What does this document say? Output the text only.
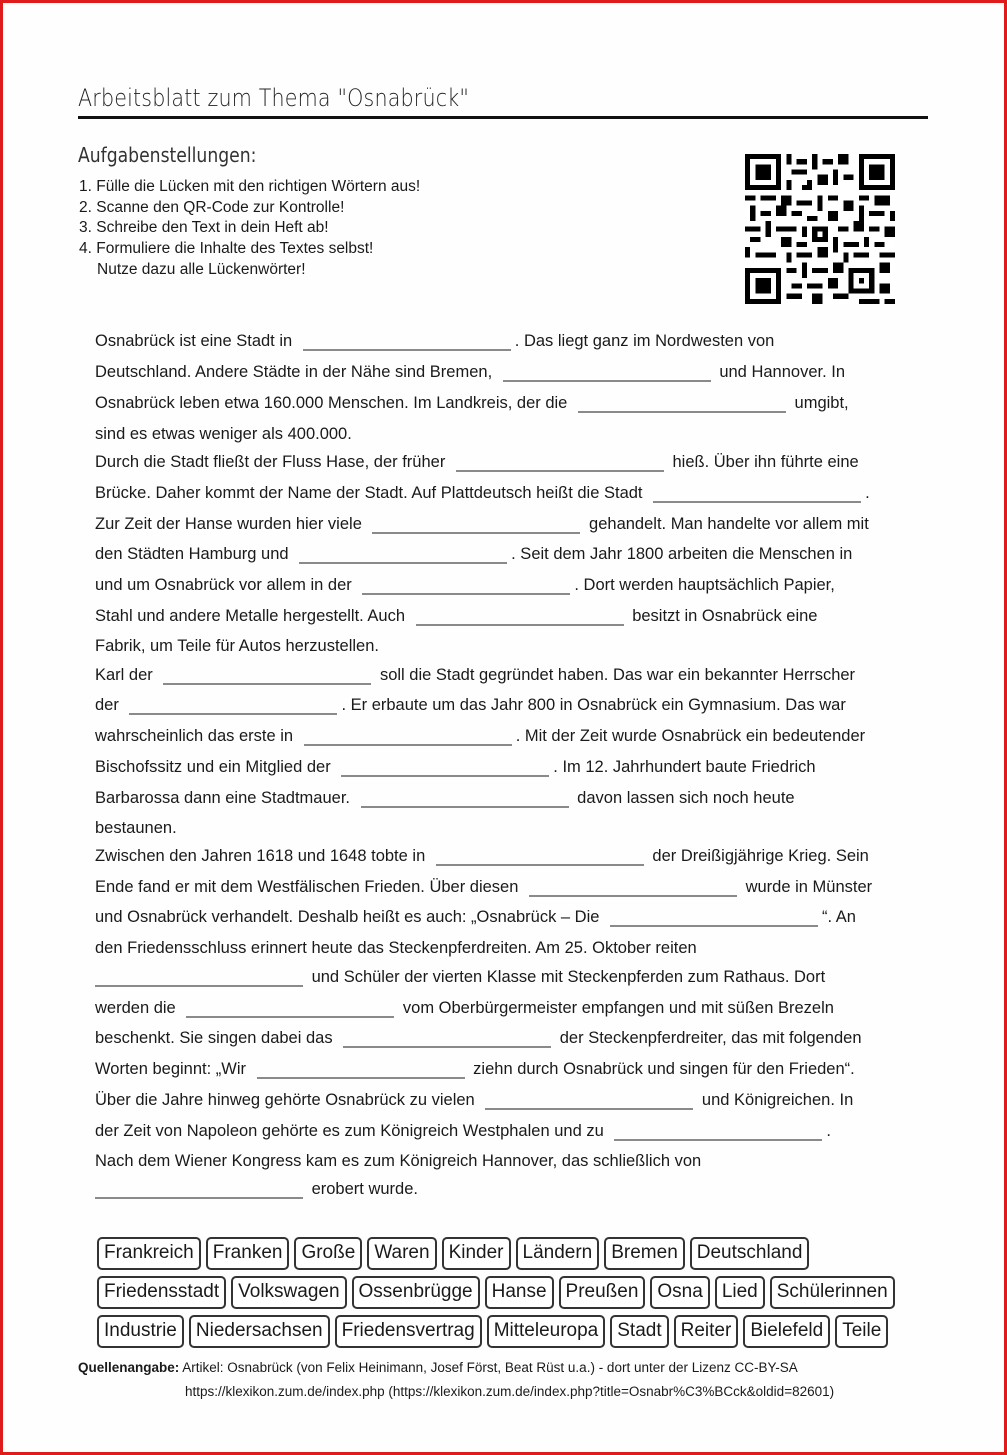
Arbeitsblatt zum Thema "Osnabrück"
Aufgabenstellungen:
1. Fülle die Lücken mit den richtigen Wörtern aus!
2. Scanne den QR-Code zur Kontrolle!
3. Schreibe den Text in dein Heft ab!
4. Formuliere die Inhalte des Textes selbst!
Nutze dazu alle Lückenwörter!
Osnabrück ist eine Stadt in	. Das liegt ganz im Nordwesten von
Deutschland. Andere Städte in der Nähe sind Bremen,	und Hannover. In
Osnabrück leben etwa 160.000 Menschen. Im Landkreis, der die	umgibt,
sind es etwas weniger als 400.000.
Durch die Stadt fließt der Fluss Hase, der früher	hieß. Über ihn führte eine
Brücke. Daher kommt der Name der Stadt. Auf Plattdeutsch heißt die Stadt	.
Zur Zeit der Hanse wurden hier viele	gehandelt. Man handelte vor allem mit
den Städten Hamburg und	. Seit dem Jahr 1800 arbeiten die Menschen in
und um Osnabrück vor allem in der	. Dort werden hauptsächlich Papier,
Stahl und andere Metalle hergestellt. Auch	besitzt in Osnabrück eine
Fabrik, um Teile für Autos herzustellen.
Karl der	soll die Stadt gegründet haben. Das war ein bekannter Herrscher
der	. Er erbaute um das Jahr 800 in Osnabrück ein Gymnasium. Das war
wahrscheinlich das erste in	. Mit der Zeit wurde Osnabrück ein bedeutender
Bischofssitz und ein Mitglied der	. Im 12. Jahrhundert baute Friedrich
Barbarossa dann eine Stadtmauer.	davon lassen sich noch heute
bestaunen.
Zwischen den Jahren 1618 und 1648 tobte in	der Dreißigjährige Krieg. Sein
Ende fand er mit dem Westfälischen Frieden. Über diesen	wurde in Münster
und Osnabrück verhandelt. Deshalb heißt es auch: „Osnabrück – Die	“. An
den Friedensschluss erinnert heute das Steckenpferdreiten. Am 25. Oktober reiten
und Schüler der vierten Klasse mit Steckenpferden zum Rathaus. Dort
werden die	vom Oberbürgermeister empfangen und mit süßen Brezeln
beschenkt. Sie singen dabei das	der Steckenpferdreiter, das mit folgenden
Worten beginnt: „Wir	ziehn durch Osnabrück und singen für den Frieden“.
Über die Jahre hinweg gehörte Osnabrück zu vielen	und Königreichen. In
der Zeit von Napoleon gehörte es zum Königreich Westphalen und zu	.
Nach dem Wiener Kongress kam es zum Königreich Hannover, das schließlich von
erobert wurde.
Frankreich	Franken	Große	Waren	Kinder	Ländern	Bremen	Deutschland
Friedensstadt	Volkswagen	Ossenbrügge	Hanse	Preußen	Osna	Lied	Schülerinnen
Industrie	Niedersachsen	Friedensvertrag	Mitteleuropa	Stadt	Reiter	Bielefeld	Teile
Quellenangabe: Artikel: Osnabrück (von Felix Heinimann, Josef Först, Beat Rüst u.a.) - dort unter der Lizenz CC-BY-SA
https://klexikon.zum.de/index.php (https://klexikon.zum.de/index.php?title=Osnabr%C3%BCck&oldid=82601)
